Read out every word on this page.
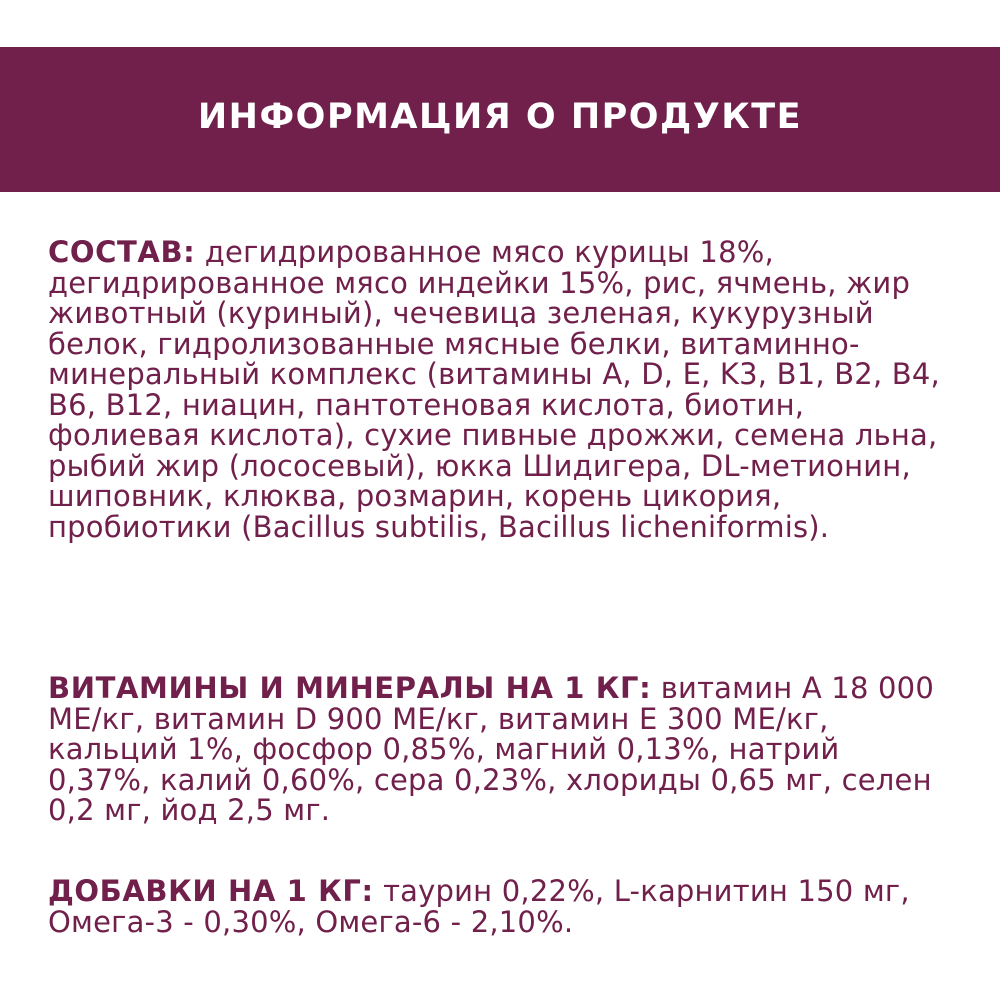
ИНФОРМАЦИЯ О ПРОДУКТЕ
СОСТАВ: дегидрированное мясо курицы 18%, дегидрированное мясо индейки 15%, рис, ячмень, жир животный (куриный), чечевица зеленая, кукурузный белок, гидролизованные мясные белки, витаминно-минеральный комплекс (витамины A, D, E, K3, B1, B2, B4, B6, B12, ниацин, пантотеновая кислота, биотин, фолиевая кислота), сухие пивные дрожжи, семена льна, рыбий жир (лососевый), юкка Шидигера, DL-метионин, шиповник, клюква, розмарин, корень цикория, пробиотики (Bacillus subtilis, Bacillus licheniformis).
ВИТАМИНЫ И МИНЕРАЛЫ НА 1 КГ: витамин А 18 000 МЕ/кг, витамин D 900 МЕ/кг, витамин Е 300 МЕ/кг, кальций 1%, фосфор 0,85%, магний 0,13%, натрий 0,37%, калий 0,60%, сера 0,23%, хлориды 0,65 мг, селен 0,2 мг, йод 2,5 мг.
ДОБАВКИ НА 1 КГ: таурин 0,22%, L-карнитин 150 мг, Омега-3 - 0,30%, Омега-6 - 2,10%.
